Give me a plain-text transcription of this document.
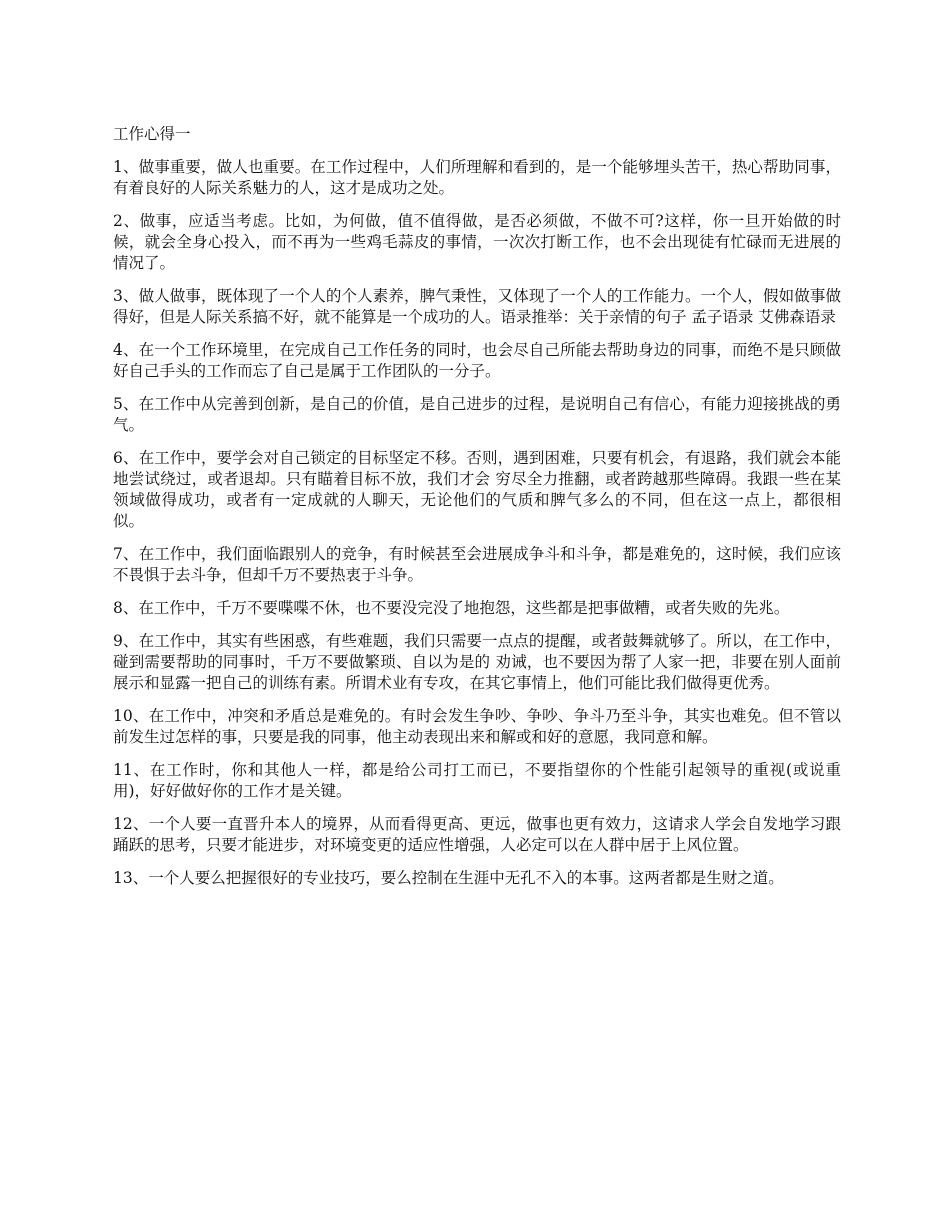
工作心得一

1、做事重要，做人也重要。在工作过程中，人们所理解和看到的，是一个能够埋头苦干，热心帮助同事，有着良好的人际关系魅力的人，这才是成功之处。

2、做事，应适当考虑。比如，为何做，值不值得做，是否必须做，不做不可?这样，你一旦开始做的时候，就会全身心投入，而不再为一些鸡毛蒜皮的事情，一次次打断工作，也不会出现徒有忙碌而无进展的情况了。

3、做人做事，既体现了一个人的个人素养，脾气秉性，又体现了一个人的工作能力。一个人，假如做事做得好，但是人际关系搞不好，就不能算是一个成功的人。语录推举：关于亲情的句子 孟子语录 艾佛森语录

4、在一个工作环境里，在完成自己工作任务的同时，也会尽自己所能去帮助身边的同事，而绝不是只顾做好自己手头的工作而忘了自己是属于工作团队的一分子。

5、在工作中从完善到创新，是自己的价值，是自己进步的过程，是说明自己有信心，有能力迎接挑战的勇气。

6、在工作中，要学会对自己锁定的目标坚定不移。否则，遇到困难，只要有机会，有退路，我们就会本能地尝试绕过，或者退却。只有瞄着目标不放，我们才会 穷尽全力推翻，或者跨越那些障碍。我跟一些在某领域做得成功，或者有一定成就的人聊天，无论他们的气质和脾气多么的不同，但在这一点上，都很相似。

7、在工作中，我们面临跟别人的竞争，有时候甚至会进展成争斗和斗争，都是难免的，这时候，我们应该不畏惧于去斗争，但却千万不要热衷于斗争。

8、在工作中，千万不要喋喋不休，也不要没完没了地抱怨，这些都是把事做糟，或者失败的先兆。

9、在工作中，其实有些困惑，有些难题，我们只需要一点点的提醒，或者鼓舞就够了。所以，在工作中，碰到需要帮助的同事时，千万不要做繁琐、自以为是的 劝诫，也不要因为帮了人家一把，非要在别人面前展示和显露一把自己的训练有素。所谓术业有专攻，在其它事情上，他们可能比我们做得更优秀。

10、在工作中，冲突和矛盾总是难免的。有时会发生争吵、争吵、争斗乃至斗争，其实也难免。但不管以前发生过怎样的事，只要是我的同事，他主动表现出来和解或和好的意愿，我同意和解。

11、在工作时，你和其他人一样，都是给公司打工而已，不要指望你的个性能引起领导的重视(或说重用)，好好做好你的工作才是关键。

12、一个人要一直晋升本人的境界，从而看得更高、更远，做事也更有效力，这请求人学会自发地学习跟踊跃的思考，只要才能进步，对环境变更的适应性增强，人必定可以在人群中居于上风位置。

13、一个人要么把握很好的专业技巧，要么控制在生涯中无孔不入的本事。这两者都是生财之道。
